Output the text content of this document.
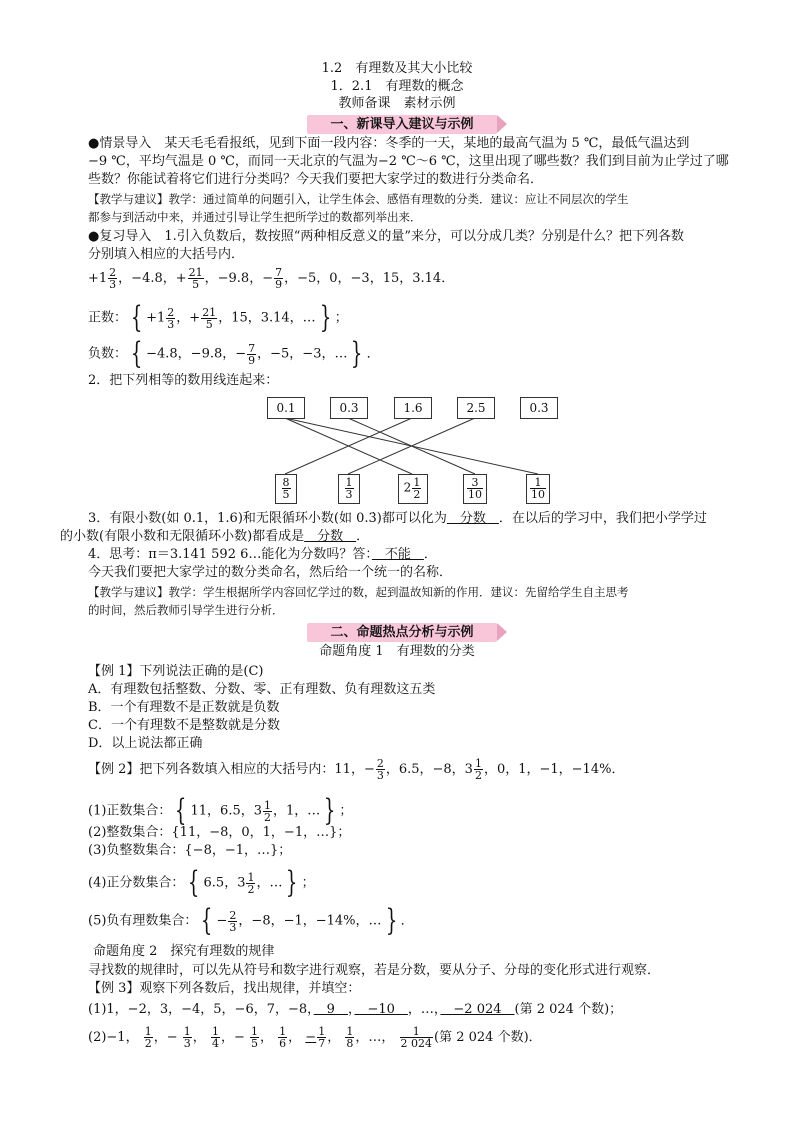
1.2　有理数及其大小比较
1．2.1　有理数的概念
教师备课　素材示例
一、新课导入建议与示例
●情景导入　某天毛毛看报纸，见到下面一段内容：冬季的一天，某地的最高气温为 5 ℃，最低气温达到
−9 ℃，平均气温是 0 ℃，而同一天北京的气温为−2 ℃～6 ℃，这里出现了哪些数？我们到目前为止学过了哪
些数？你能试着将它们进行分类吗？今天我们要把大家学过的数进行分类命名．
【教学与建议】教学：通过简单的问题引入，让学生体会、感悟有理数的分类．建议：应让不同层次的学生
都参与到活动中来，并通过引导让学生把所学过的数都列举出来．
●复习导入　1.引入负数后，数按照“两种相反意义的量”来分，可以分成几类？分别是什么？把下列各数
分别填入相应的大括号内．
$+1 \frac{2}{3}$ ，−4.8，+ $\frac{21}{5}$ ，−9.8，− $\frac{7}{9}$ ，−5，0，−3，15，3.14．
正数： { $+1 \frac{2}{3}$ ，+ $\frac{21}{5}$ ，15，3.14，… } ；
负数： { −4.8，−9.8，− $\frac{7}{9}$ ，−5，−3，… } ．
2．把下列相等的数用线连起来：
0.1	0.3	1.6	2.5	0.3̇
$\frac{8}{5}$	$\frac{1}{3}$	$2 \frac{1}{2}$	$\frac{3}{10}$	$\frac{1}{10}$
3．有限小数(如 0.1，1.6)和无限循环小数(如 0.3̇)都可以化为　分数　．在以后的学习中，我们把小学学过
的小数(有限小数和无限循环小数)都看成是　分数　．
4．思考：π＝3.141 592 6…能化为分数吗？答：　不能　．
今天我们要把大家学过的数分类命名，然后给一个统一的名称．
【教学与建议】教学：学生根据所学内容回忆学过的数，起到温故知新的作用．建议：先留给学生自主思考
的时间，然后教师引导学生进行分析．
二、命题热点分析与示例
命题角度 1　有理数的分类
【例 1】下列说法正确的是(C)
A．有理数包括整数、分数、零、正有理数、负有理数这五类
B．一个有理数不是正数就是负数
C．一个有理数不是整数就是分数
D．以上说法都正确
【例 2】把下列各数填入相应的大括号内：11，− $\frac{2}{3}$ ，6.5，−8，$3 \frac{1}{2}$ ，0，1，−1，−14%．
(1)正数集合： { 11，6.5，$3 \frac{1}{2}$ ，1，… } ；
(2)整数集合：{11，−8，0，1，−1，…}；
(3)负整数集合：{−8，−1，…}；
(4)正分数集合： { 6.5，$3 \frac{1}{2}$ ，… } ；
(5)负有理数集合： { − $\frac{2}{3}$ ，−8，−1，−14%，… } ．
命题角度 2　探究有理数的规律
寻找数的规律时，可以先从符号和数字进行观察，若是分数，要从分子、分母的变化形式进行观察．
【例 3】观察下列各数后，找出规律，并填空：
(1)1，−2，3，−4，5，−6，7，−8，　9　，　−10　，…，　−2 024　(第 2 024 个数)；
(2)−1， $\frac{1}{2}$ ，− $\frac{1}{3}$ ， $\frac{1}{4}$ ，− $\frac{1}{5}$ ， $\frac{1}{6}$ ， − $\frac{1}{7}$ ， $\frac{1}{8}$ ，…， $\frac{1}{2 024}$ (第 2 024 个数)．
